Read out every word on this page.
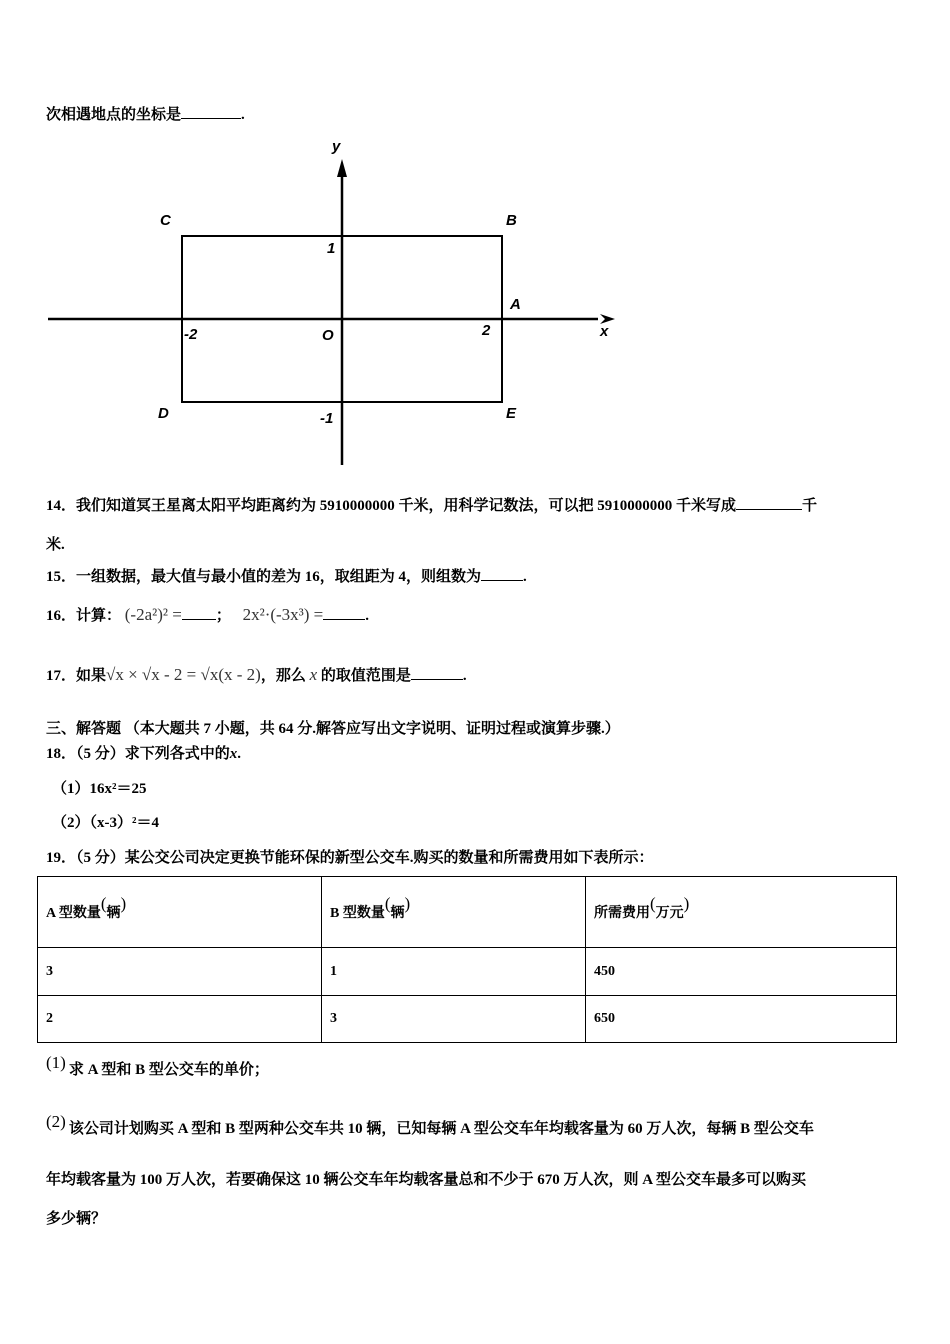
次相遇地点的坐标是	.
y
x
C	B
A
D	E
O
-2	2
1
-1
14．我们知道冥王星离太阳平均距离约为 5910000000 千米，用科学记数法，可以把 5910000000 千米写成	千
米.
15．一组数据，最大值与最小值的差为 16，取组距为 4，则组数为	.
16．计算： (-2a²)² = ； 2x²·(-3x³) =	.
17．如果√x × √x - 2 = √x(x - 2)，那么 x 的取值范围是	.
三、解答题 （本大题共 7 小题，共 64 分.解答应写出文字说明、证明过程或演算步骤.）
18．（5 分）求下列各式中的x.
（1）16x²＝25
（2）（x-3）²＝4
19．（5 分）某公交公司决定更换节能环保的新型公交车.购买的数量和所需费用如下表所示：
A 型数量(辆)	B 型数量(辆)	所需费用(万元)
3	1	450
2	3	650
(1) 求 A 型和 B 型公交车的单价；
(2) 该公司计划购买 A 型和 B 型两种公交车共 10 辆，已知每辆 A 型公交车年均载客量为 60 万人次，每辆 B 型公交车
年均载客量为 100 万人次，若要确保这 10 辆公交车年均载客量总和不少于 670 万人次，则 A 型公交车最多可以购买
多少辆？
